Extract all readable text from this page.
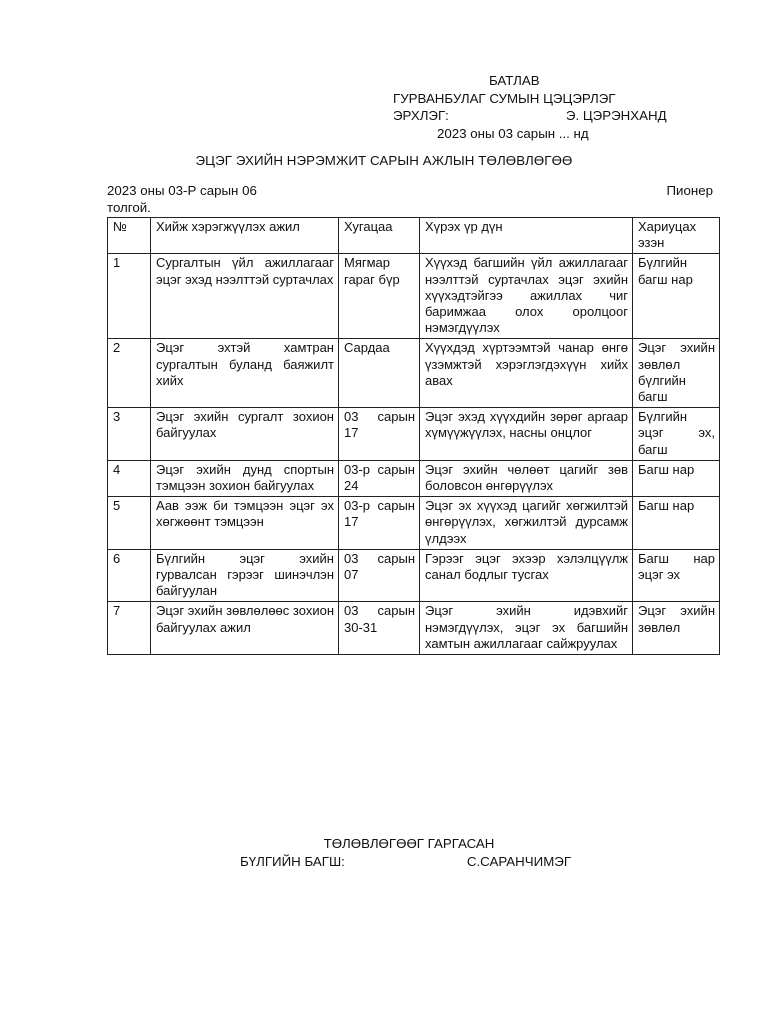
БАТЛАВ
ГУРВАНБУЛАГ СУМЫН ЦЭЦЭРЛЭГ
ЭРХЛЭГ:	Э. ЦЭРЭНХАНД
2023 оны 03 сарын ... нд
ЭЦЭГ ЭХИЙН НЭРЭМЖИТ САРЫН АЖЛЫН ТӨЛӨВЛӨГӨӨ
2023 оны 03-Р сарын 06	Пионер
толгой.
№	Хийж хэрэгжүүлэх ажил	Хугацаа	Хүрэх үр дүн	Хариуцах эзэн
1	Сургалтын үйл ажиллагааг эцэг эхэд нээлттэй суртачлах	Мягмар гараг бүр	Хүүхэд багшийн үйл ажиллагааг нээлттэй суртачлах эцэг эхийн хүүхэдтэйгээ ажиллах чиг баримжаа олох оролцоог нэмэгдүүлэх	Бүлгийн багш нар
2	Эцэг эхтэй хамтран сургалтын буланд баяжилт хийх	Сардаа	Хүүхдэд хүртээмтэй чанар өнгө үзэмжтэй хэрэглэгдэхүүн хийх авах	Эцэг эхийн зөвлөл бүлгийн багш
3	Эцэг эхийн сургалт зохион байгуулах	03 сарын 17	Эцэг эхэд хүүхдийн зөрөг аргаар хүмүүжүүлэх, насны онцлог	Бүлгийн эцэг эх, багш
4	Эцэг эхийн дунд спортын тэмцээн зохион байгуулах	03-р сарын 24	Эцэг эхийн чөлөөт цагийг зөв боловсон өнгөрүүлэх	Багш нар
5	Аав ээж би тэмцээн эцэг эх хөгжөөнт тэмцээн	03-р сарын 17	Эцэг эх хүүхэд цагийг хөгжилтэй өнгөрүүлэх, хөгжилтэй дурсамж үлдээх	Багш нар
6	Бүлгийн эцэг эхийн гурвалсан гэрээг шинэчлэн байгуулан	03 сарын 07	Гэрээг эцэг эхээр хэлэлцүүлж санал бодлыг тусгах	Багш нар эцэг эх
7	Эцэг эхийн зөвлөлөөс зохион байгуулах ажил	03 сарын 30-31	Эцэг эхийн идэвхийг нэмэгдүүлэх, эцэг эх багшийн хамтын ажиллагааг сайжруулах	Эцэг эхийн зөвлөл
ТӨЛӨВЛӨГӨӨГ ГАРГАСАН
БҮЛГИЙН БАГШ:	С.САРАНЧИМЭГ
